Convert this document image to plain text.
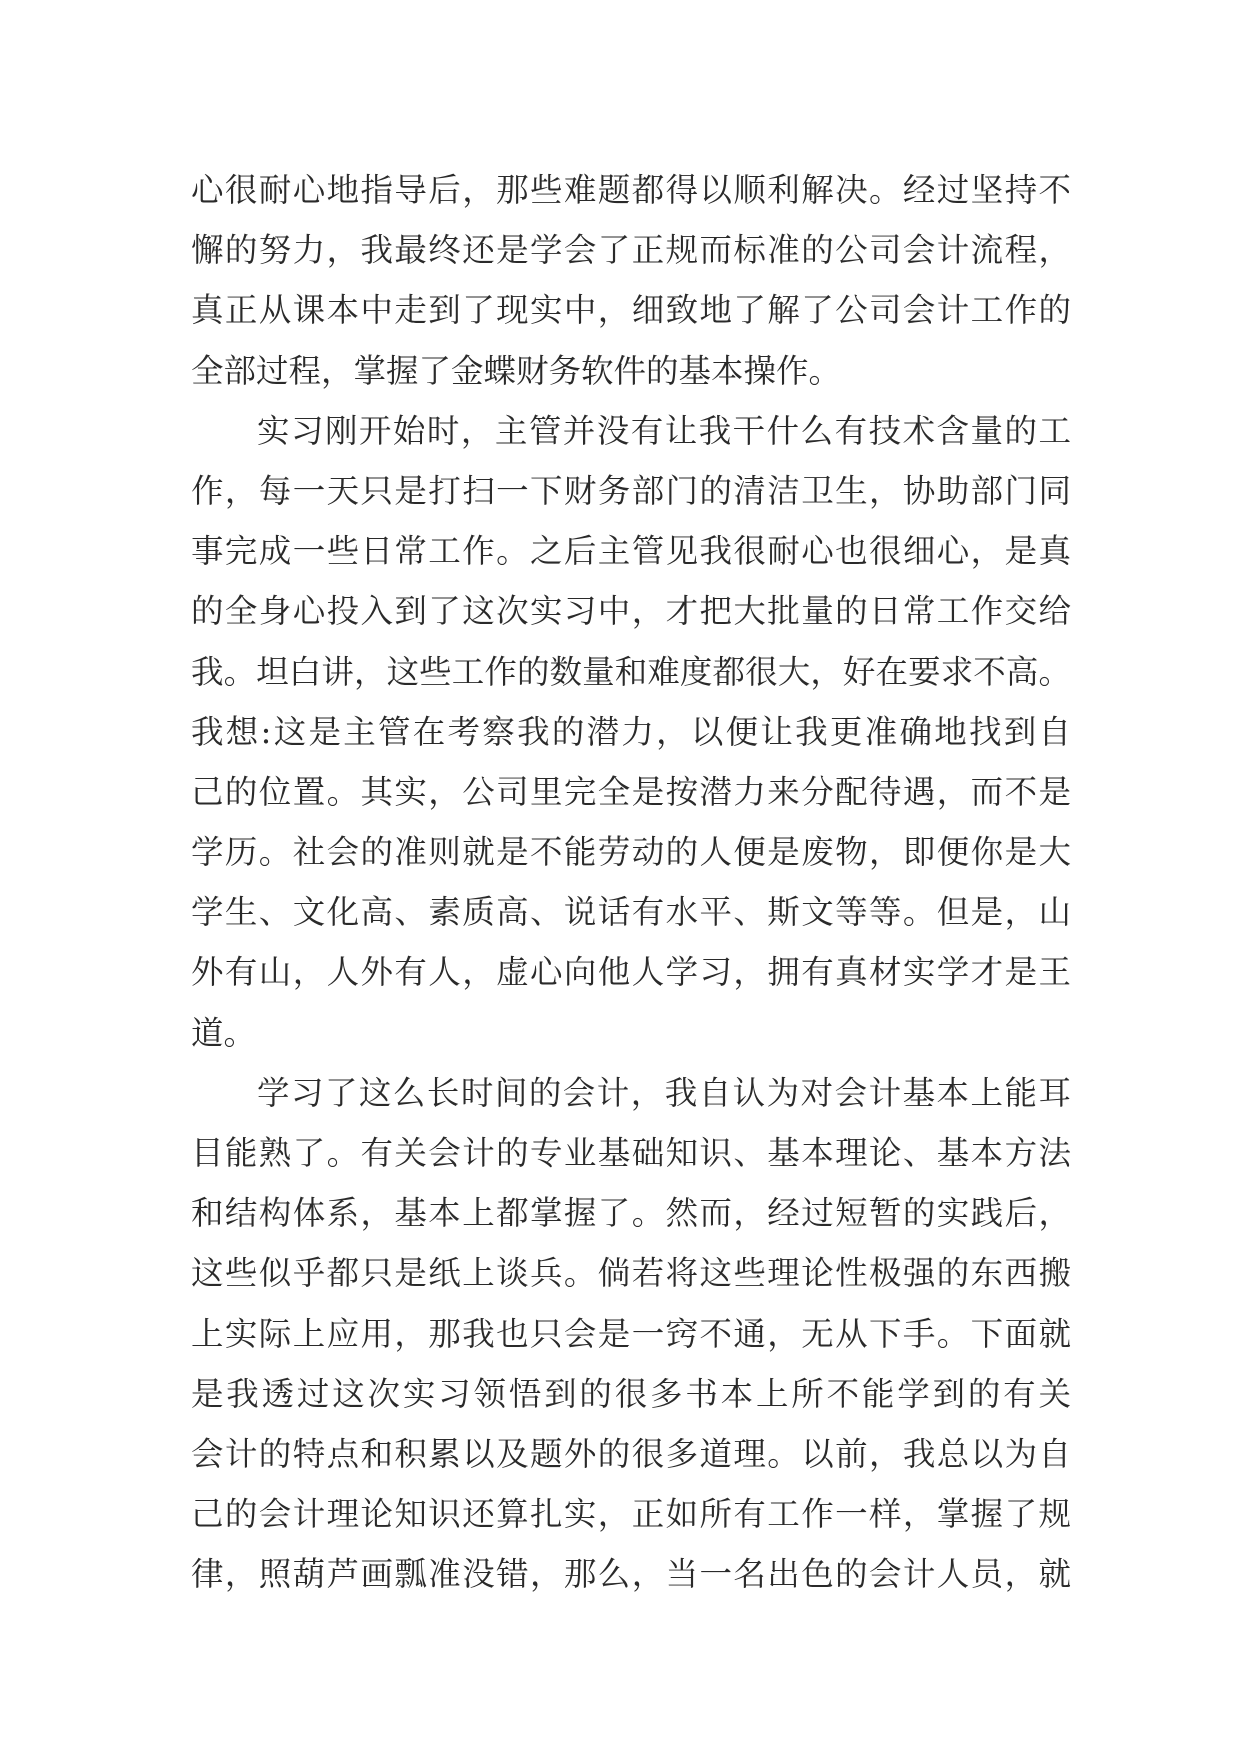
心很耐心地指导后，那些难题都得以顺利解决。经过坚持不
懈的努力，我最终还是学会了正规而标准的公司会计流程，
真正从课本中走到了现实中，细致地了解了公司会计工作的
全部过程，掌握了金蝶财务软件的基本操作。
实习刚开始时，主管并没有让我干什么有技术含量的工
作，每一天只是打扫一下财务部门的清洁卫生，协助部门同
事完成一些日常工作。之后主管见我很耐心也很细心，是真
的全身心投入到了这次实习中，才把大批量的日常工作交给
我。坦白讲，这些工作的数量和难度都很大，好在要求不高。
我想:这是主管在考察我的潜力，以便让我更准确地找到自
己的位置。其实，公司里完全是按潜力来分配待遇，而不是
学历。社会的准则就是不能劳动的人便是废物，即便你是大
学生、文化高、素质高、说话有水平、斯文等等。但是，山
外有山，人外有人，虚心向他人学习，拥有真材实学才是王
道。
学习了这么长时间的会计，我自认为对会计基本上能耳
目能熟了。有关会计的专业基础知识、基本理论、基本方法
和结构体系，基本上都掌握了。然而，经过短暂的实践后，
这些似乎都只是纸上谈兵。倘若将这些理论性极强的东西搬
上实际上应用，那我也只会是一窍不通，无从下手。下面就
是我透过这次实习领悟到的很多书本上所不能学到的有关
会计的特点和积累以及题外的很多道理。以前，我总以为自
己的会计理论知识还算扎实，正如所有工作一样，掌握了规
律，照葫芦画瓢准没错，那么，当一名出色的会计人员，就
